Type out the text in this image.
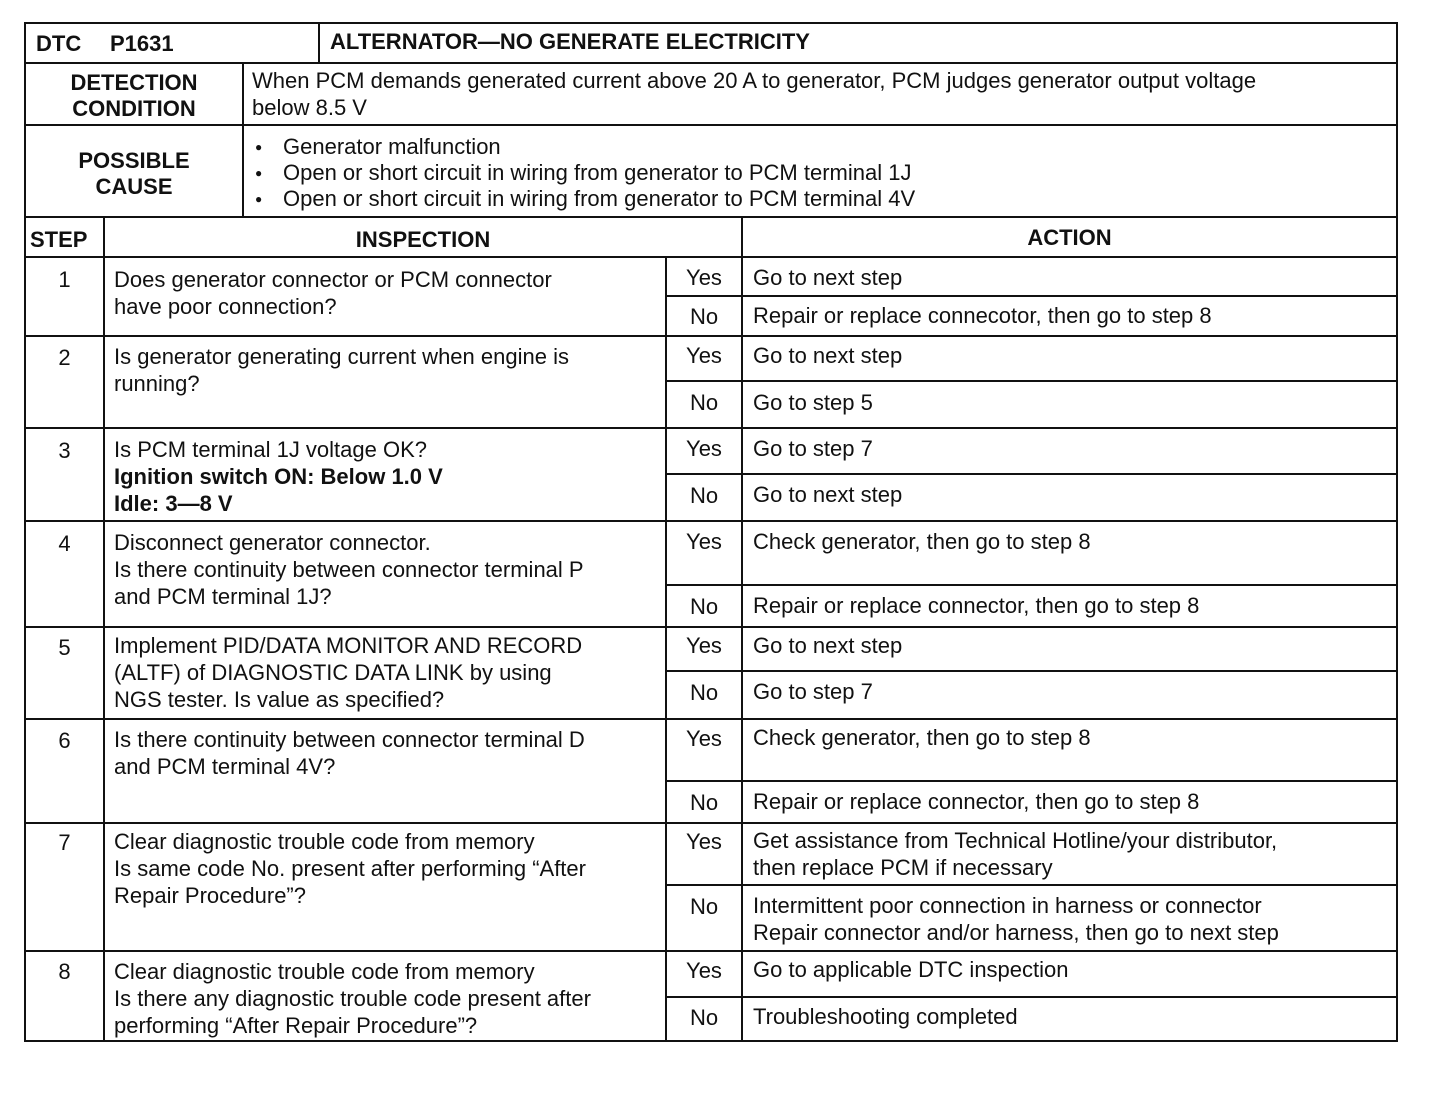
DTC P1631	ALTERNATOR—NO GENERATE ELECTRICITY
DETECTION
CONDITION
When PCM demands generated current above 20 A to generator, PCM judges generator output voltage
below 8.5 V
POSSIBLE
CAUSE
● Generator malfunction
● Open or short circuit in wiring from generator to PCM terminal 1J
● Open or short circuit in wiring from generator to PCM terminal 4V
STEP	INSPECTION	ACTION
1	Does generator connector or PCM connector
have poor connection?
Yes	Go to next step
No	Repair or replace connecotor, then go to step 8
2	Is generator generating current when engine is
running?
Yes	Go to next step
No	Go to step 5
3	Is PCM terminal 1J voltage OK?
Ignition switch ON: Below 1.0 V
Idle: 3—8 V
Yes	Go to step 7
No	Go to next step
4	Disconnect generator connector.
Is there continuity between connector terminal P
and PCM terminal 1J?
Yes	Check generator, then go to step 8
No	Repair or replace connector, then go to step 8
5	Implement PID/DATA MONITOR AND RECORD
(ALTF) of DIAGNOSTIC DATA LINK by using
NGS tester. Is value as specified?
Yes	Go to next step
No	Go to step 7
6	Is there continuity between connector terminal D
and PCM terminal 4V?
Yes	Check generator, then go to step 8
No	Repair or replace connector, then go to step 8
7	Clear diagnostic trouble code from memory
Is same code No. present after performing “After
Repair Procedure”?
Yes	Get assistance from Technical Hotline/your distributor,
then replace PCM if necessary
No	Intermittent poor connection in harness or connector
Repair connector and/or harness, then go to next step
8	Clear diagnostic trouble code from memory
Is there any diagnostic trouble code present after
performing “After Repair Procedure”?
Yes	Go to applicable DTC inspection
No	Troubleshooting completed
